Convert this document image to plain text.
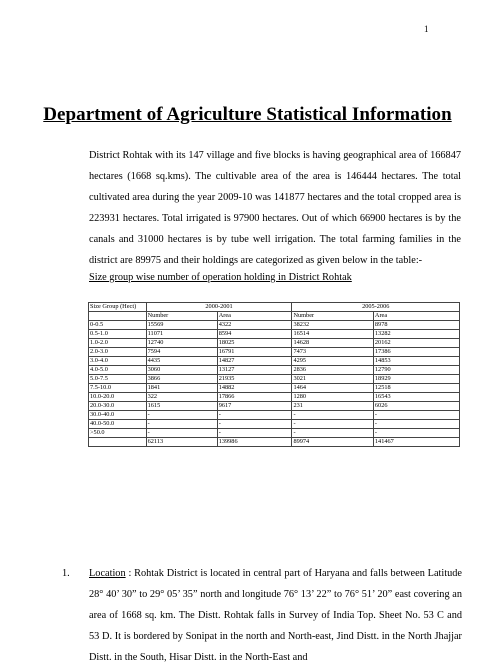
1
Department of Agriculture Statistical Information

District Rohtak with its 147 village and five blocks is having geographical area of 166847 hectares (1668 sq.kms). The cultivable area of the area is 146444 hectares. The total cultivated area during the year 2009-10 was 141877 hectares and the total cropped area is 223931 hectares. Total irrigated is 97900 hectares. Out of which 66900 hectares is by the canals and 31000 hectares is by tube well irrigation. The total farming families in the district are 89975 and their holdings are categorized as given below in the table:-

Size group wise number of operation holding in District Rohtak

Size Group (Hect)	2000-2001		2005-2006	
	Number	Area	Number	Area
0-0.5	15569	4322	38232	8978
0.5-1.0	11071	8594	16514	13282
1.0-2.0	12740	18025	14628	20162
2.0-3.0	7594	16791	7473	17386
3.0-4.0	4435	14827	4295	14853
4.0-5.0	3060	13127	2836	12790
5.0-7.5	3866	21935	3021	18929
7.5-10.0	1841	14882	1464	12518
10.0-20.0	322	17866	1280	16543
20.0-30.0	1615	9617	231	6026
30.0-40.0	-	-	-	-
40.0-50.0	-	-	-	-
>50.0	-	-	-	-
	62113	139986	89974	141467
1. Location : Rohtak District is located in central part of Haryana and falls between Latitude 28° 40’ 30” to 29° 05’ 35” north and longitude 76° 13’ 22” to 76° 51’ 20” east covering an area of 1668 sq. km. The Distt. Rohtak falls in Survey of India Top. Sheet No. 53 C and 53 D. It is bordered by Sonipat in the north and North-east, Jind Distt. in the North Jhajjar Distt. in the South, Hisar Distt. in the North-East and
